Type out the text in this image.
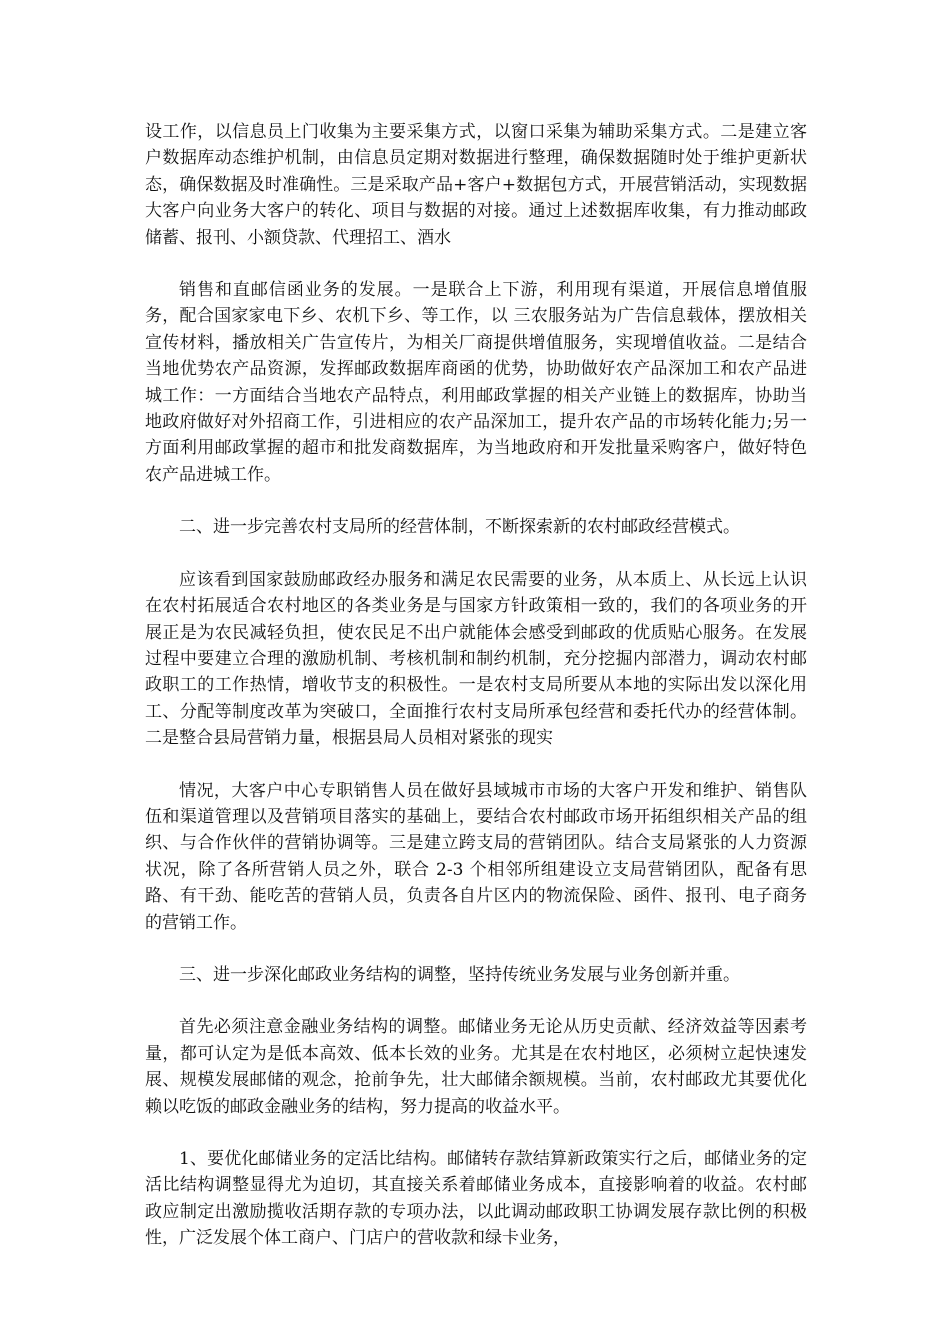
设工作，以信息员上门收集为主要采集方式，以窗口采集为辅助采集方式。二是建立客户数据库动态维护机制，由信息员定期对数据进行整理，确保数据随时处于维护更新状态，确保数据及时准确性。三是采取产品+客户+数据包方式，开展营销活动，实现数据大客户向业务大客户的转化、项目与数据的对接。通过上述数据库收集，有力推动邮政储蓄、报刊、小额贷款、代理招工、酒水

销售和直邮信函业务的发展。一是联合上下游，利用现有渠道，开展信息增值服务，配合国家家电下乡、农机下乡、等工作，以 三农服务站为广告信息载体，摆放相关宣传材料，播放相关广告宣传片，为相关厂商提供增值服务，实现增值收益。二是结合当地优势农产品资源，发挥邮政数据库商函的优势，协助做好农产品深加工和农产品进城工作：一方面结合当地农产品特点，利用邮政掌握的相关产业链上的数据库，协助当地政府做好对外招商工作，引进相应的农产品深加工，提升农产品的市场转化能力;另一方面利用邮政掌握的超市和批发商数据库，为当地政府和开发批量采购客户，做好特色农产品进城工作。

二、进一步完善农村支局所的经营体制，不断探索新的农村邮政经营模式。

应该看到国家鼓励邮政经办服务和满足农民需要的业务，从本质上、从长远上认识在农村拓展适合农村地区的各类业务是与国家方针政策相一致的，我们的各项业务的开展正是为农民减轻负担，使农民足不出户就能体会感受到邮政的优质贴心服务。在发展过程中要建立合理的激励机制、考核机制和制约机制，充分挖掘内部潜力，调动农村邮政职工的工作热情，增收节支的积极性。一是农村支局所要从本地的实际出发以深化用工、分配等制度改革为突破口，全面推行农村支局所承包经营和委托代办的经营体制。二是整合县局营销力量，根据县局人员相对紧张的现实

情况，大客户中心专职销售人员在做好县域城市市场的大客户开发和维护、销售队伍和渠道管理以及营销项目落实的基础上，要结合农村邮政市场开拓组织相关产品的组织、与合作伙伴的营销协调等。三是建立跨支局的营销团队。结合支局紧张的人力资源状况，除了各所营销人员之外，联合 2-3 个相邻所组建设立支局营销团队，配备有思路、有干劲、能吃苦的营销人员，负责各自片区内的物流保险、函件、报刊、电子商务的营销工作。

三、进一步深化邮政业务结构的调整，坚持传统业务发展与业务创新并重。

首先必须注意金融业务结构的调整。邮储业务无论从历史贡献、经济效益等因素考量，都可认定为是低本高效、低本长效的业务。尤其是在农村地区，必须树立起快速发展、规模发展邮储的观念，抢前争先，壮大邮储余额规模。当前，农村邮政尤其要优化赖以吃饭的邮政金融业务的结构，努力提高的收益水平。

1、要优化邮储业务的定活比结构。邮储转存款结算新政策实行之后，邮储业务的定活比结构调整显得尤为迫切，其直接关系着邮储业务成本，直接影响着的收益。农村邮政应制定出激励揽收活期存款的专项办法，以此调动邮政职工协调发展存款比例的积极性，广泛发展个体工商户、门店户的营收款和绿卡业务，
